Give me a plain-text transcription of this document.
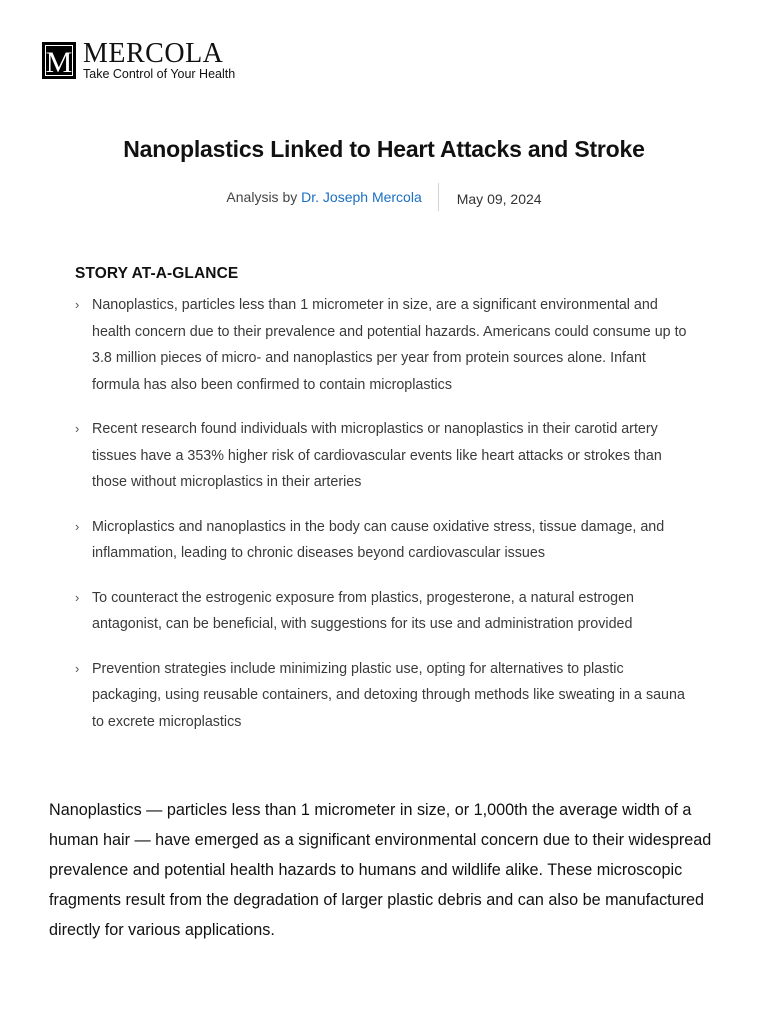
M MERCOLA
Take Control of Your Health
Nanoplastics Linked to Heart Attacks and Stroke
Analysis by Dr. Joseph Mercola	May 09, 2024
STORY AT-A-GLANCE
› Nanoplastics, particles less than 1 micrometer in size, are a significant environmental and health concern due to their prevalence and potential hazards. Americans could consume up to 3.8 million pieces of micro- and nanoplastics per year from protein sources alone. Infant formula has also been confirmed to contain microplastics
› Recent research found individuals with microplastics or nanoplastics in their carotid artery tissues have a 353% higher risk of cardiovascular events like heart attacks or strokes than those without microplastics in their arteries
› Microplastics and nanoplastics in the body can cause oxidative stress, tissue damage, and inflammation, leading to chronic diseases beyond cardiovascular issues
› To counteract the estrogenic exposure from plastics, progesterone, a natural estrogen antagonist, can be beneficial, with suggestions for its use and administration provided
› Prevention strategies include minimizing plastic use, opting for alternatives to plastic packaging, using reusable containers, and detoxing through methods like sweating in a sauna to excrete microplastics

Nanoplastics — particles less than 1 micrometer in size, or 1,000th the average width of a human hair — have emerged as a significant environmental concern due to their widespread prevalence and potential health hazards to humans and wildlife alike. These microscopic fragments result from the degradation of larger plastic debris and can also be manufactured directly for various applications.
